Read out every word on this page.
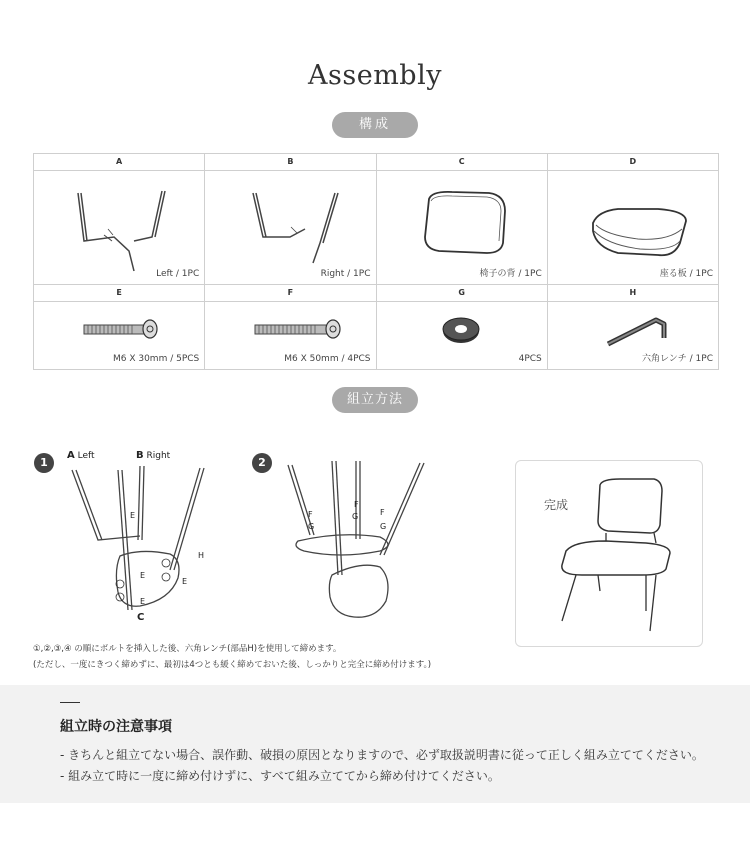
Assembly
構成
A	B	C	D

Left / 1PC	Right / 1PC	椅子の背 / 1PC	座る板 / 1PC

E	F	G	H

M6 X 30mm / 5PCS	M6 X 50mm / 4PCS	4PCS	六角レンチ / 1PC
組立方法
1
A Left	B Right
C
E
E
E
E
H
2
F
G
F
G	F
G
完成
①,②,③,④ の順にボルトを挿入した後、六角レンチ(部品H)を使用して締めます。
(ただし、一度にきつく締めずに、最初は4つとも緩く締めておいた後、しっかりと完全に締め付けます。)
組立時の注意事項
- きちんと組立てない場合、誤作動、破損の原因となりますので、必ず取扱説明書に従って正しく組み立ててください。
- 組み立て時に一度に締め付けずに、すべて組み立ててから締め付けてください。
